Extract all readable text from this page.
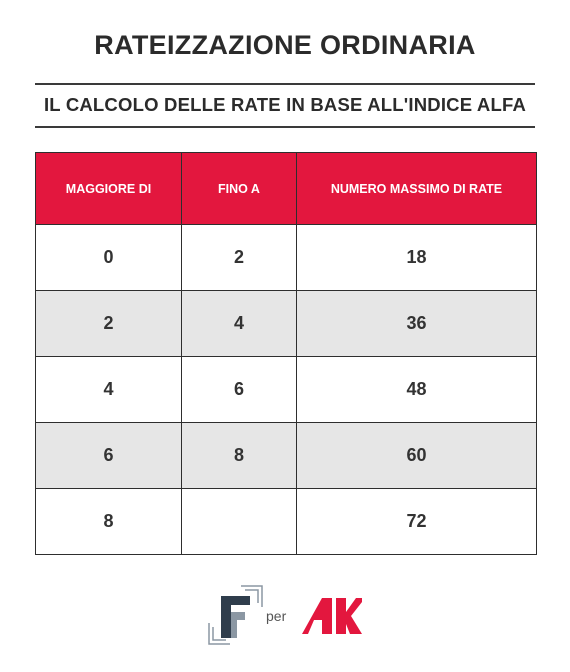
RATEIZZAZIONE ORDINARIA
IL CALCOLO DELLE RATE IN BASE ALL'INDICE ALFA
MAGGIORE DI	FINO A	NUMERO MASSIMO DI RATE
0	2	18
2	4	36
4	6	48
6	8	60
8		72
per
